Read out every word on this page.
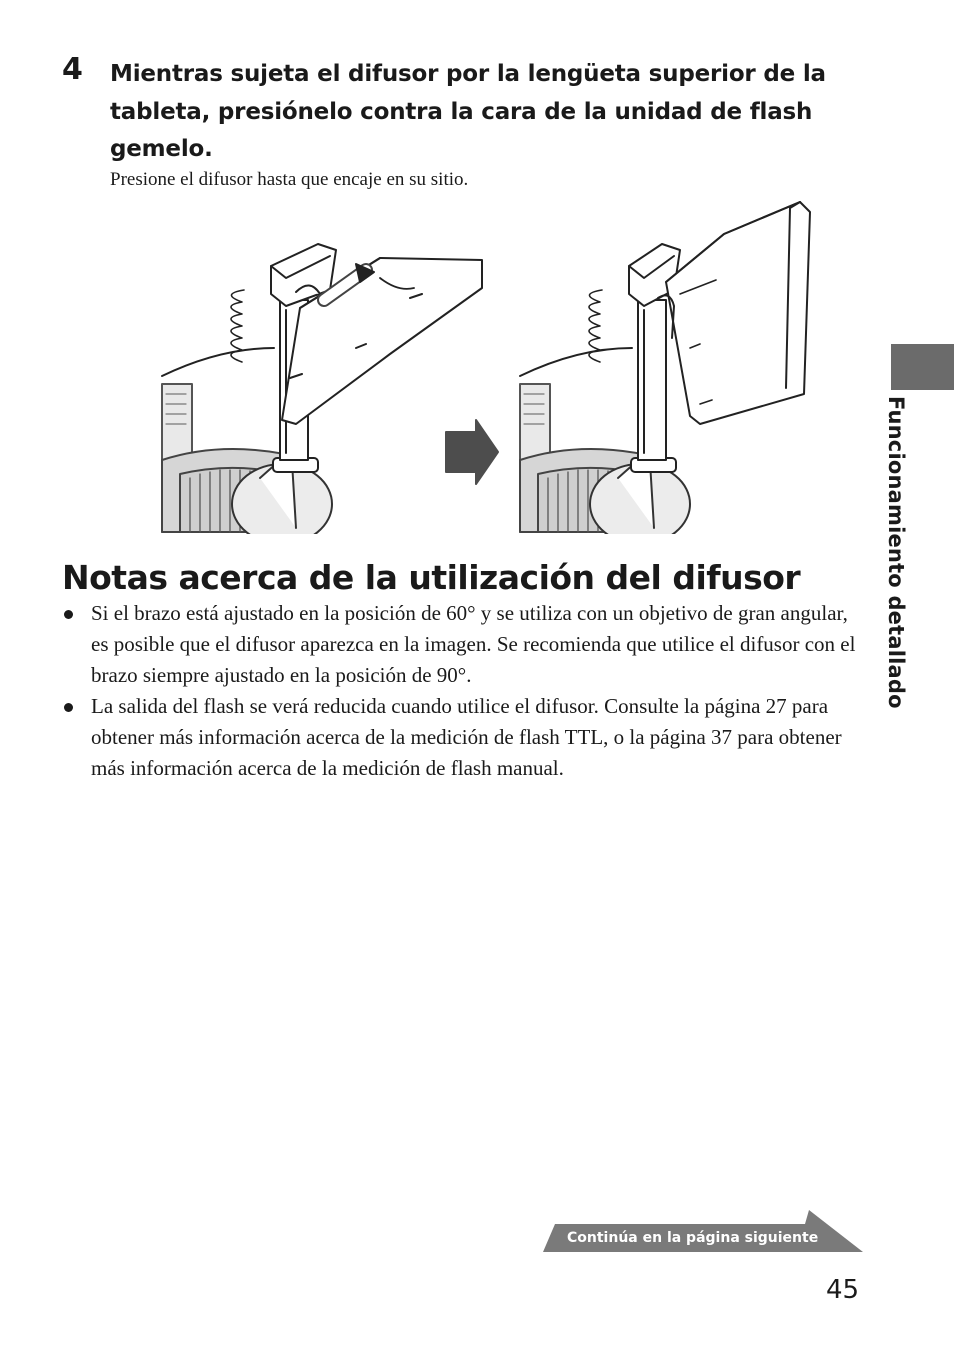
4 Mientras sujeta el difusor por la lengüeta superior de la tableta, presiónelo contra la cara de la unidad de flash gemelo.
Presione el difusor hasta que encaje en su sitio.
Notas acerca de la utilización del difusor
Si el brazo está ajustado en la posición de 60° y se utiliza con un objetivo de gran angular, es posible que el difusor aparezca en la imagen. Se recomienda que utilice el difusor con el brazo siempre ajustado en la posición de 90°.
La salida del flash se verá reducida cuando utilice el difusor. Consulte la página 27 para obtener más información acerca de la medición de flash TTL, o la página 37 para obtener más información acerca de la medición de flash manual.
Funcionamiento detallado
Continúa en la página siguiente
45
